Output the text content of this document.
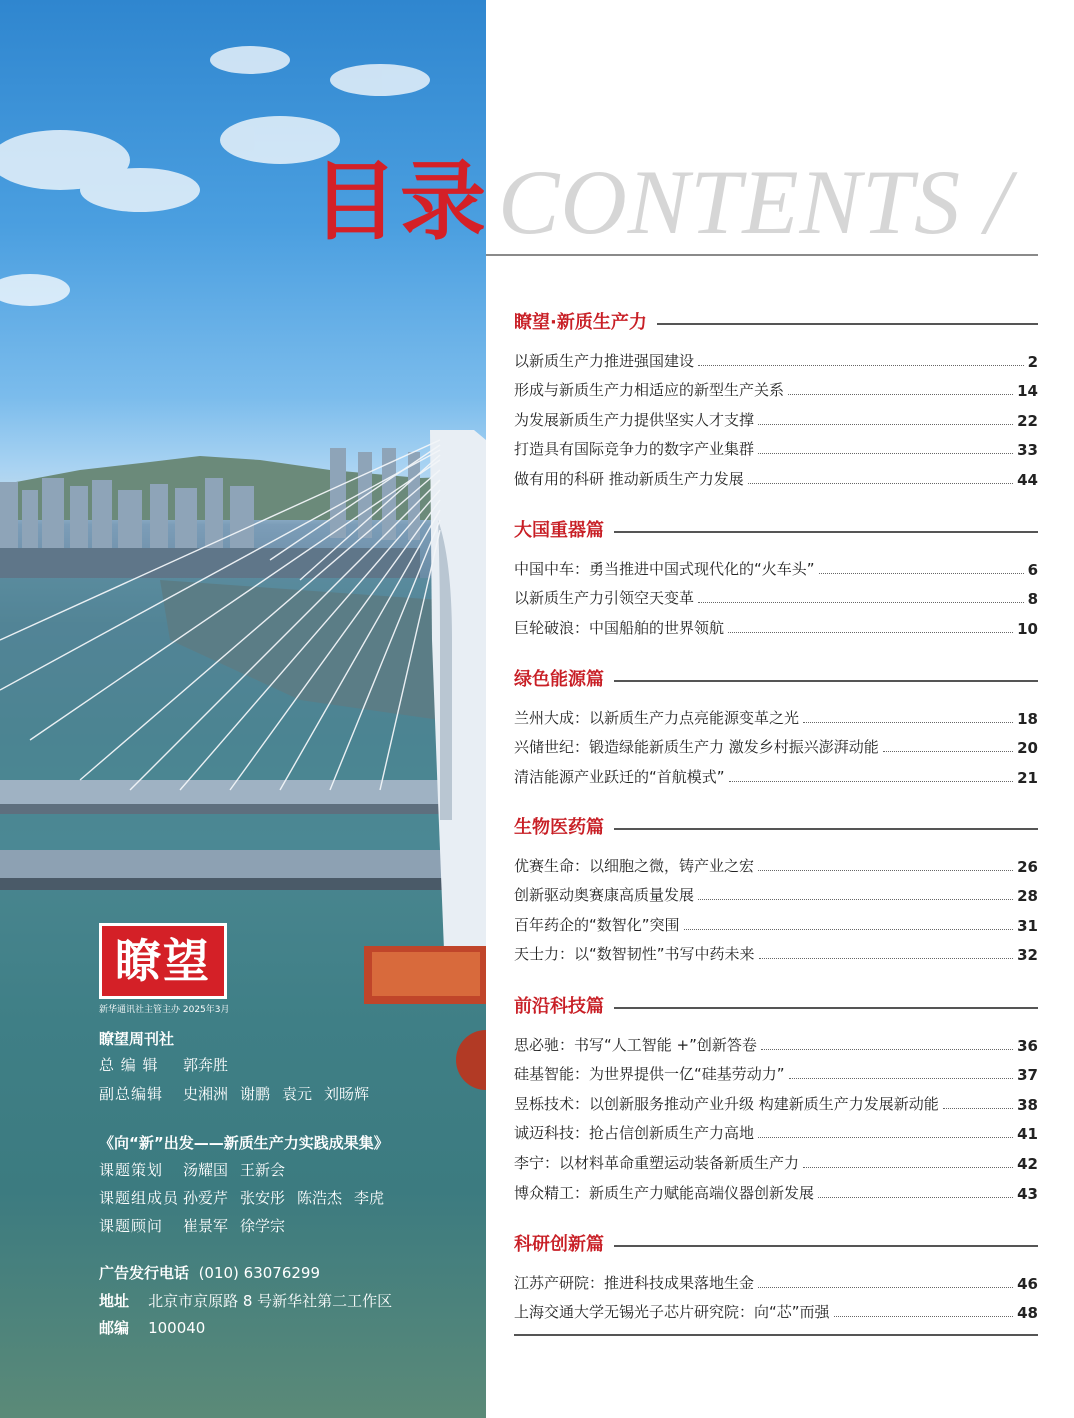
瞭望
新华通讯社主管主办 2025年3月
瞭望周刊社
总 编 辑 郭奔胜
副总编辑 史湘洲 谢鹏 袁元 刘旸辉
《向“新”出发——新质生产力实践成果集》
课题策划 汤耀国 王新会
课题组成员 孙爱芹 张安彤 陈浩杰 李虎
课题顾问 崔景军 徐学宗
广告发行电话 (010) 63076299
地址 北京市京原路 8 号新华社第二工作区
邮编 100040
目录 CONTENTS /
瞭望·新质生产力
以新质生产力推进强国建设	2
形成与新质生产力相适应的新型生产关系	14
为发展新质生产力提供坚实人才支撑	22
打造具有国际竞争力的数字产业集群	33
做有用的科研 推动新质生产力发展	44
大国重器篇
中国中车：勇当推进中国式现代化的“火车头”	6
以新质生产力引领空天变革	8
巨轮破浪：中国船舶的世界领航	10
绿色能源篇
兰州大成：以新质生产力点亮能源变革之光	18
兴储世纪：锻造绿能新质生产力 激发乡村振兴澎湃动能	20
清洁能源产业跃迁的“首航模式”	21
生物医药篇
优赛生命：以细胞之微，铸产业之宏	26
创新驱动奥赛康高质量发展	28
百年药企的“数智化”突围	31
天士力：以“数智韧性”书写中药未来	32
前沿科技篇
思必驰：书写“人工智能 +”创新答卷	36
硅基智能：为世界提供一亿“硅基劳动力”	37
昱栎技术：以创新服务推动产业升级 构建新质生产力发展新动能	38
诚迈科技：抢占信创新质生产力高地	41
李宁：以材料革命重塑运动装备新质生产力	42
博众精工：新质生产力赋能高端仪器创新发展	43
科研创新篇
江苏产研院：推进科技成果落地生金	46
上海交通大学无锡光子芯片研究院：向“芯”而强	48
